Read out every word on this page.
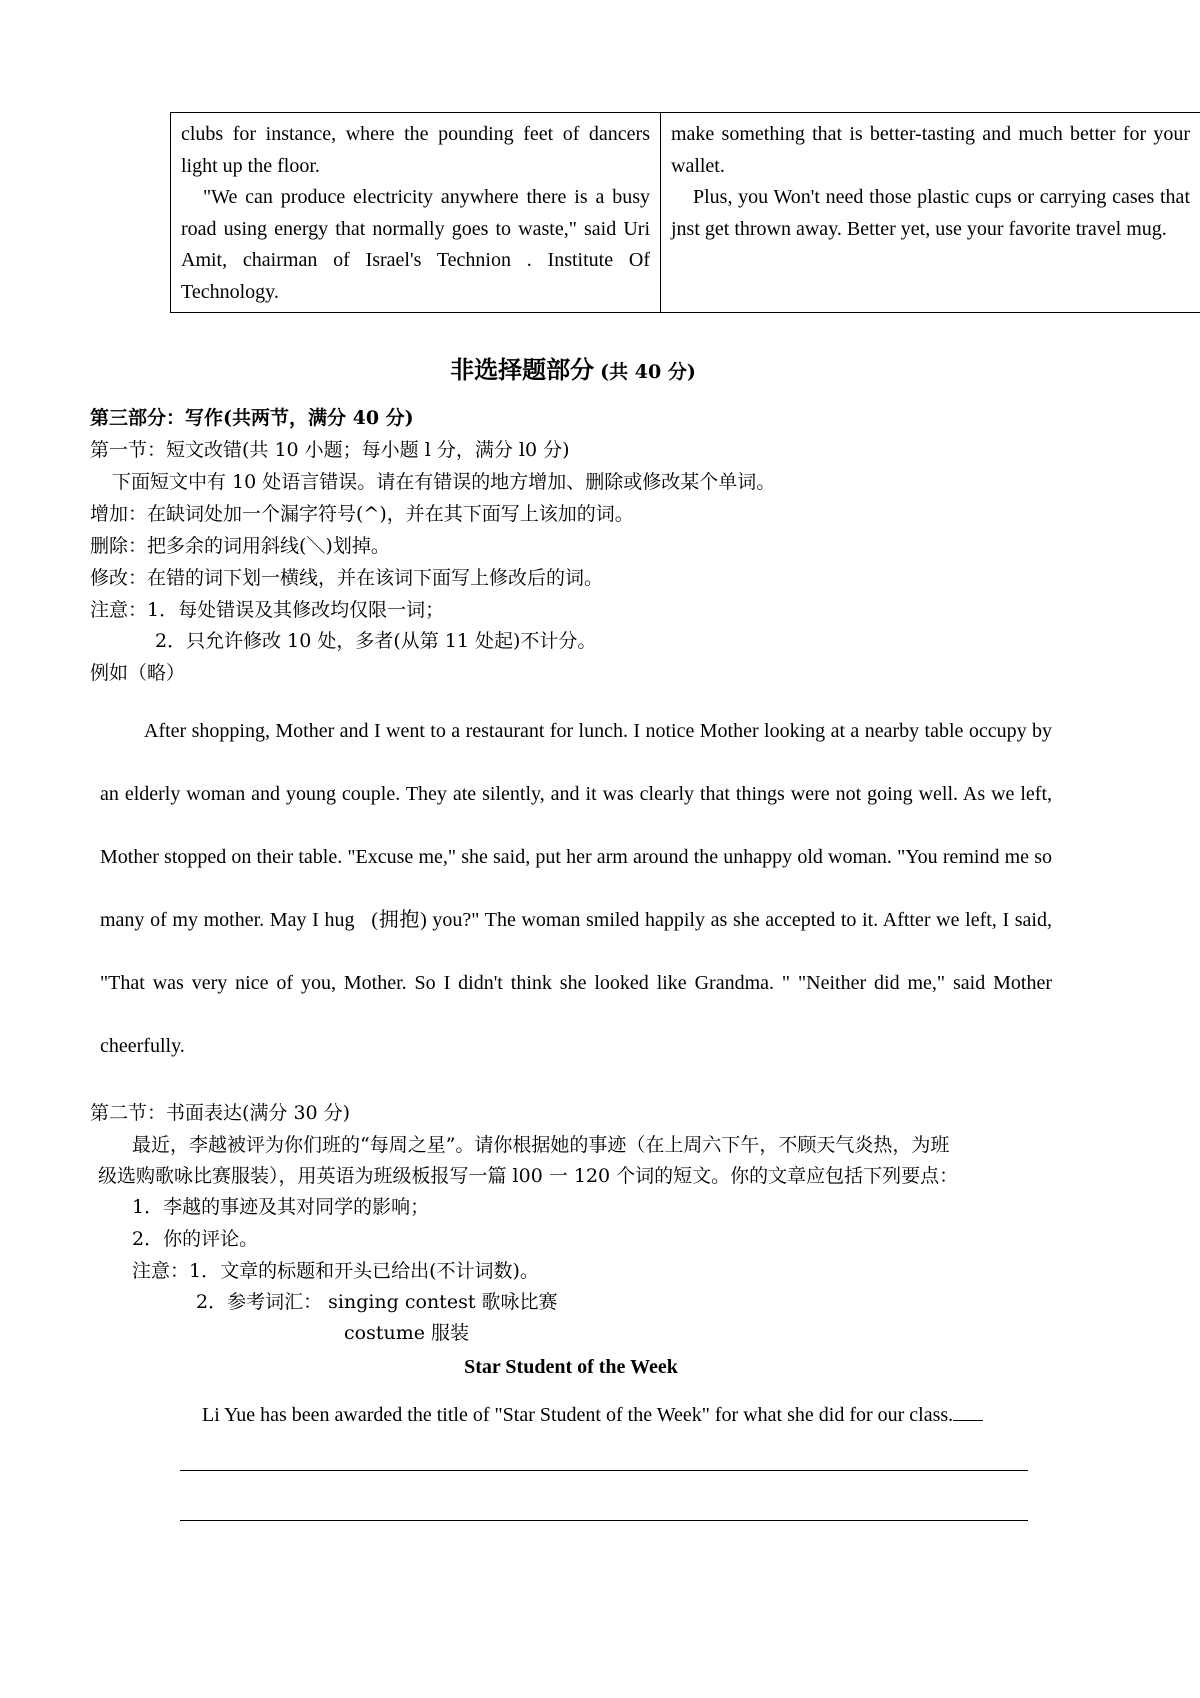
clubs for instance, where the pounding feet of dancers light up the floor.

"We can produce electricity anywhere there is a busy road using energy that normally goes to waste," said Uri Amit, chairman of Israel's Technion . Institute Of Technology.

make something that is better-tasting and much better for your wallet.

Plus, you Won't need those plastic cups or carrying cases that jnst get thrown away. Better yet, use your favorite travel mug.

非选择题部分 (共 40 分)
第三部分：写作(共两节，满分 40 分)
第一节：短文改错(共 10 小题；每小题 l 分，满分 l0 分)
下面短文中有 10 处语言错误。请在有错误的地方增加、删除或修改某个单词。
增加：在缺词处加一个漏字符号(^)，并在其下面写上该加的词。
删除：把多余的词用斜线(＼)划掉。
修改：在错的词下划一横线，并在该词下面写上修改后的词。
注意：1．每处错误及其修改均仅限一词；
2．只允许修改 10 处，多者(从第 11 处起)不计分。
例如（略）

After shopping, Mother and I went to a restaurant for lunch. I notice Mother looking at a nearby table occupy by an elderly woman and young couple. They ate silently, and it was clearly that things were not going well. As we left, Mother stopped on their table. "Excuse me," she said, put her arm around the unhappy old woman. "You remind me so many of my mother. May I hug   (拥抱) you?" The woman smiled happily as she accepted to it. Aftter we left, I said, "That was very nice of you, Mother. So I didn't think she looked like Grandma. " "Neither did me," said Mother cheerfully.

第二节：书面表达(满分 30 分)
最近，李越被评为你们班的“每周之星”。请你根据她的事迹（在上周六下午，不顾天气炎热，为班
级选购歌咏比赛服装），用英语为班级板报写一篇 l00 一 120 个词的短文。你的文章应包括下列要点：
1．李越的事迹及其对同学的影响；
2．你的评论。
注意：1．文章的标题和开头已给出(不计词数)。
2．参考词汇： singing contest 歌咏比赛
costume 服装
Star Student of the Week
Li Yue has been awarded the title of "Star Student of the Week" for what she did for our class.
